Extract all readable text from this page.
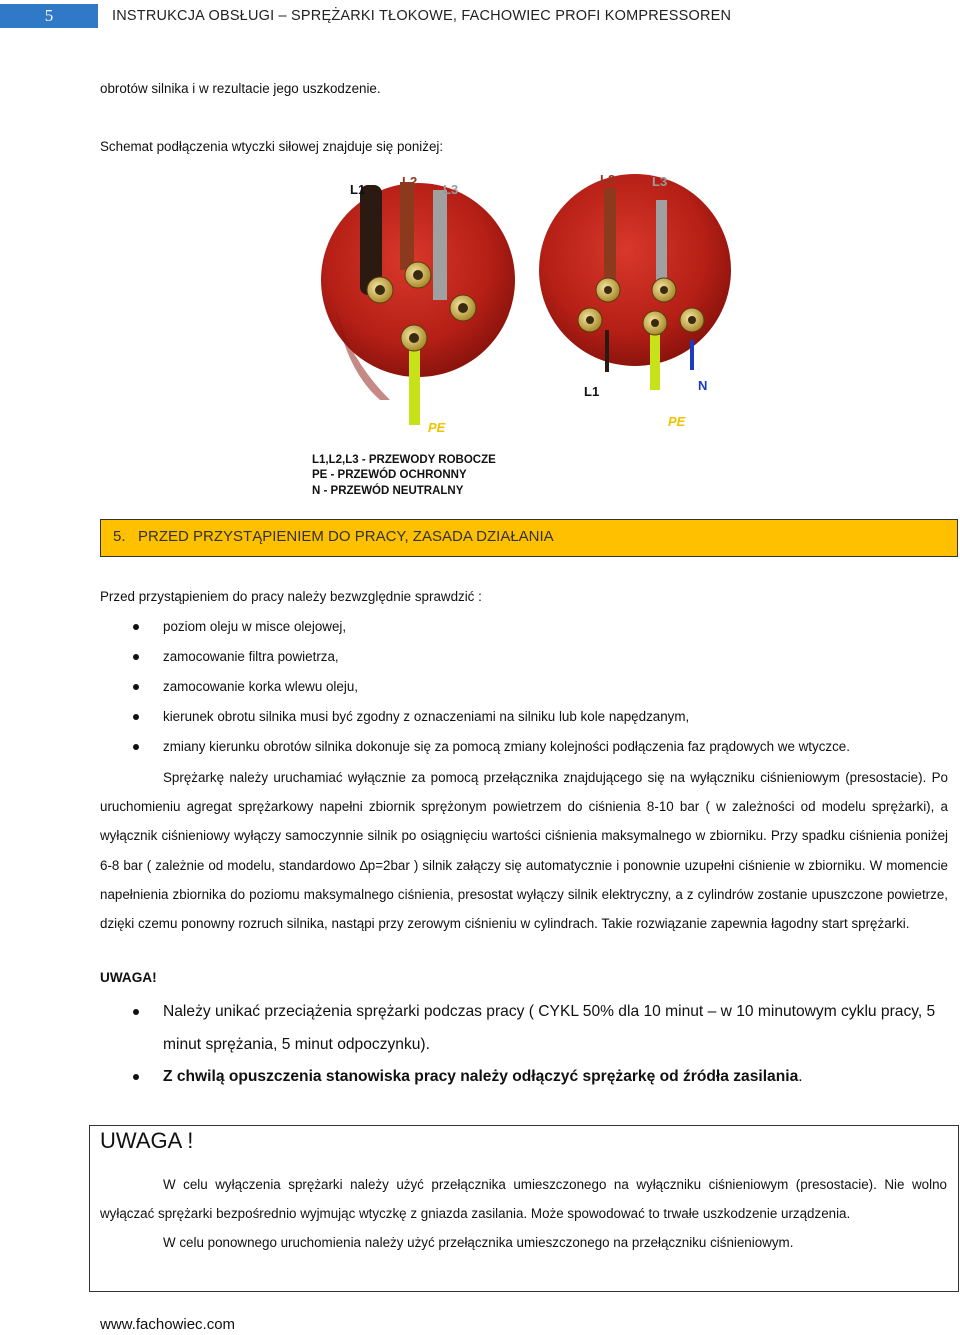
5	INSTRUKCJA OBSŁUGI – SPRĘŻARKI TŁOKOWE, FACHOWIEC PROFI KOMPRESSOREN
obrotów silnika i w rezultacie jego uszkodzenie.
Schemat podłączenia wtyczki siłowej znajduje się poniżej:
L1
L2
L3
PE
L2	L3
L1	N
PE
L1,L2,L3 - PRZEWODY ROBOCZE
PE - PRZEWÓD OCHRONNY
N - PRZEWÓD NEUTRALNY
5. PRZED PRZYSTĄPIENIEM DO PRACY, ZASADA DZIAŁANIA
Przed przystąpieniem do pracy należy bezwzględnie sprawdzić :
poziom oleju w misce olejowej,
zamocowanie filtra powietrza,
zamocowanie korka wlewu oleju,
kierunek obrotu silnika musi być zgodny z oznaczeniami na silniku lub kole napędzanym,
zmiany kierunku obrotów silnika dokonuje się za pomocą zmiany kolejności podłączenia faz prądowych we wtyczce.
Sprężarkę należy uruchamiać wyłącznie za pomocą przełącznika znajdującego się na wyłączniku ciśnieniowym (presostacie). Po uruchomieniu agregat sprężarkowy napełni zbiornik sprężonym powietrzem do ciśnienia 8-10 bar ( w zależności od modelu sprężarki), a wyłącznik ciśnieniowy wyłączy samoczynnie silnik po osiągnięciu wartości ciśnienia maksymalnego w zbiorniku. Przy spadku ciśnienia poniżej 6-8 bar ( zależnie od modelu, standardowo ∆p=2bar ) silnik załączy się automatycznie i ponownie uzupełni ciśnienie w zbiorniku. W momencie napełnienia zbiornika do poziomu maksymalnego ciśnienia, presostat wyłączy silnik elektryczny, a z cylindrów zostanie upuszczone powietrze, dzięki czemu ponowny rozruch silnika, nastąpi przy zerowym ciśnieniu w cylindrach. Takie rozwiązanie zapewnia łagodny start sprężarki.
UWAGA!
Należy unikać przeciążenia sprężarki podczas pracy ( CYKL 50% dla 10 minut – w 10 minutowym cyklu pracy, 5 minut sprężania, 5 minut odpoczynku).
Z chwilą opuszczenia stanowiska pracy należy odłączyć sprężarkę od źródła zasilania.
UWAGA !
W celu wyłączenia sprężarki należy użyć przełącznika umieszczonego na wyłączniku ciśnieniowym (presostacie). Nie wolno wyłączać sprężarki bezpośrednio wyjmując wtyczkę z gniazda zasilania. Może spowodować to trwałe uszkodzenie urządzenia.
W celu ponownego uruchomienia należy użyć przełącznika umieszczonego na przełączniku ciśnieniowym.
www.fachowiec.com
